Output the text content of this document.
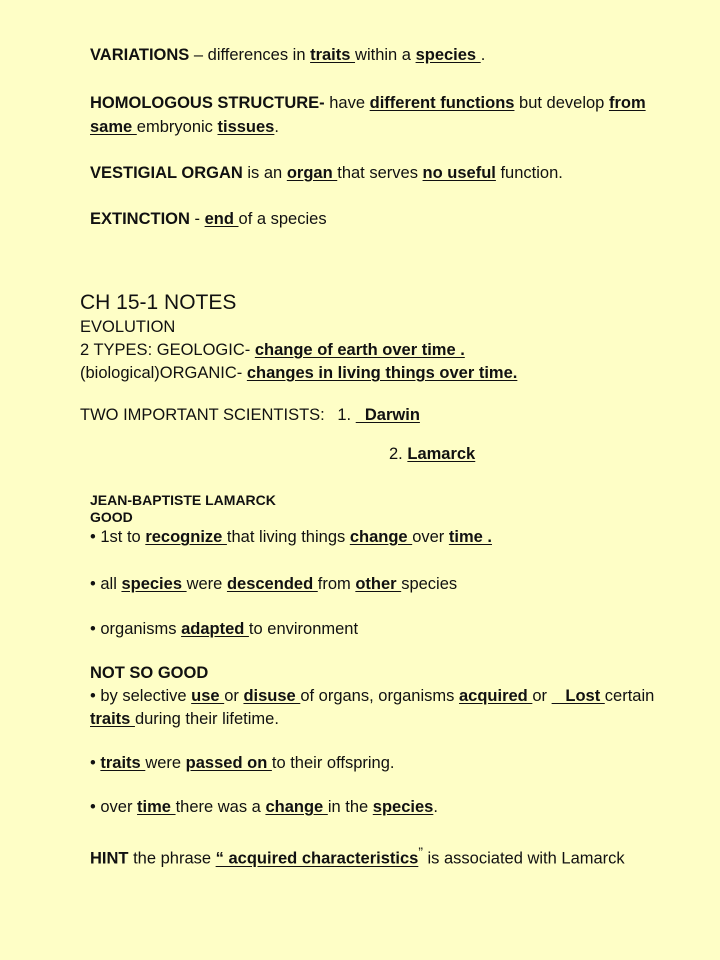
VARIATIONS – differences in traits within a species .

HOMOLOGOUS STRUCTURE- have different functions but develop from same embryonic tissues.

VESTIGIAL ORGAN is an organ that serves no useful function.

EXTINCTION - end of a species

CH 15-1 NOTES

EVOLUTION

2 TYPES: GEOLOGIC- change of earth over time .

(biological)ORGANIC- changes in living things over time.

TWO IMPORTANT SCIENTISTS: 1.   Darwin

2. Lamarck

JEAN-BAPTISTE LAMARCK

GOOD

• 1st to recognize that living things change over time .

• all species were descended from other species

• organisms adapted to environment

NOT SO GOOD

• by selective use or disuse of organs, organisms acquired or    Lost certain traits during their lifetime.

• traits were passed on to their offspring.

• over time there was a change in the species.

HINT the phrase “ acquired characteristics” is associated with Lamarck
